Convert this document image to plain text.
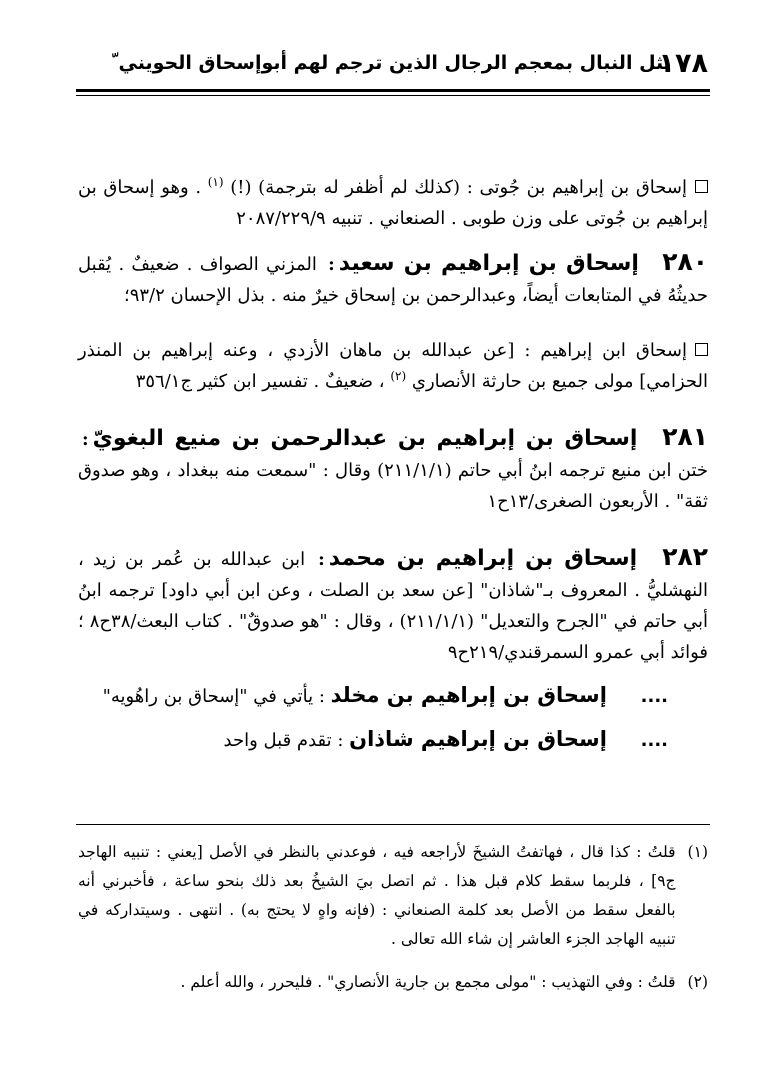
١٧٨
نثل النبال بمعجم الرجال الذين ترجم لهم أبوإسحاق الحويني ّ

إسحاق بن إبراهيم بن جُوتى : (كذلك لم أظفر له بترجمة) (!) $^{(١)}$ . وهو إسحاق بن إبراهيم بن جُوتى على وزن طوبى . الصنعاني . تنبيه ٢٠٨٧/٢٢٩/٩

٢٨٠ إسحاق بن إبراهيم بن سعيد: المزني الصواف . ضعيفٌ . يُقبل حديثُهُ في المتابعات أيضاً، وعبدالرحمن بن إسحاق خيرٌ منه . بذل الإحسان ٩٣/٢؛

إسحاق ابن إبراهيم : [عن عبدالله بن ماهان الأزدي ، وعنه إبراهيم بن المنذر الحزامي] مولى جميع بن حارثة الأنصاري $^{(٢)}$ ، ضعيفٌ . تفسير ابن كثير ج٣٥٦/١

٢٨١ إسحاق بن إبراهيم بن عبدالرحمن بن منيع البغويّ: ختن ابن منيع ترجمه ابنُ أبي حاتم (٢١١/١/١) وقال : "سمعت منه ببغداد ، وهو صدوق ثقة" . الأربعون الصغرى/١٣ح١

٢٨٢ إسحاق بن إبراهيم بن محمد: ابن عبدالله بن عُمر بن زيد ، النهشليُّ . المعروف بـ"شاذان" [عن سعد بن الصلت ، وعن ابن أبي داود] ترجمه ابنُ أبي حاتم في "الجرح والتعديل" (٢١١/١/١) ، وقال : "هو صدوقٌ" . كتاب البعث/٣٨ح٨ ؛ فوائد أبي عمرو السمرقندي/٢١٩ح٩

.... إسحاق بن إبراهيم بن مخلد : يأتي في "إسحاق بن راهُويه"

.... إسحاق بن إبراهيم شاذان : تقدم قبل واحد

(١)
قلتُ : كذا قال ، فهاتفتُ الشيخَ لأراجعه فيه ، فوعدني بالنظر في الأصل [يعني : تنبيه الهاجد ج٩] ، فلربما سقط كلام قبل هذا . ثم اتصل بيَ الشيخُ بعد ذلك بنحو ساعة ، فأخبرني أنه بالفعل سقط من الأصل بعد كلمة الصنعاني : (فإنه واهٍ لا يحتج به) . انتهى . وسيتداركه في تنبيه الهاجد الجزء العاشر إن شاء الله تعالى .
(٢)
قلتُ : وفي التهذيب : "مولى مجمع بن جارية الأنصاري" . فليحرر ، والله أعلم .
